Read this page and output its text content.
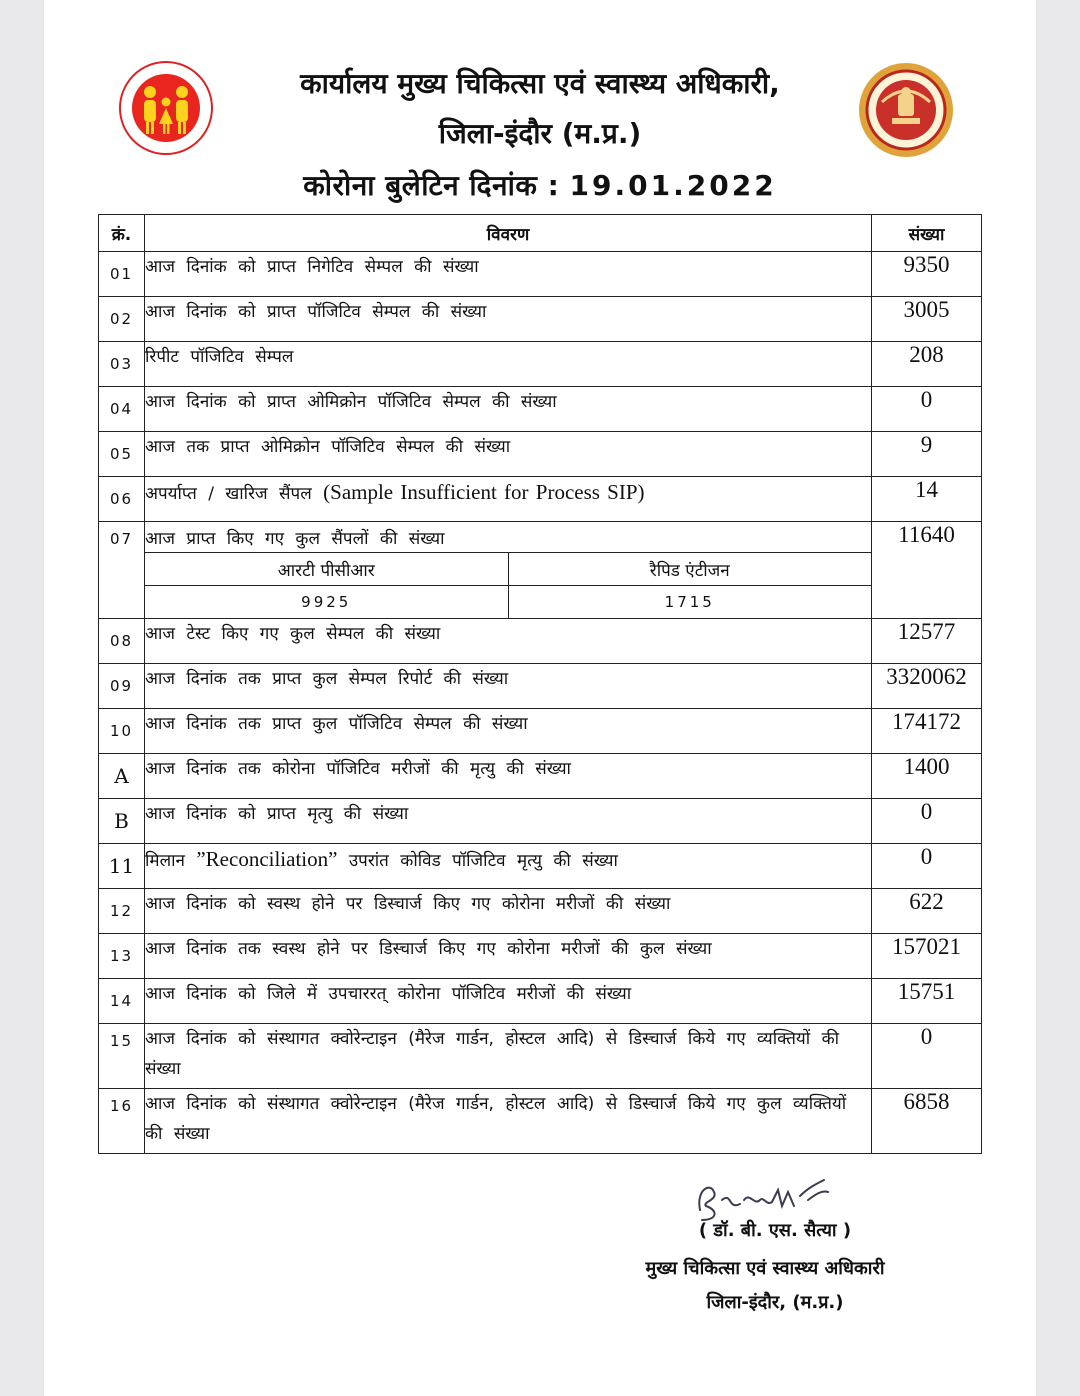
कार्यालय मुख्य चिकित्सा एवं स्वास्थ्य अधिकारी,
जिला-इंदौर (म.प्र.)
कोरोना बुलेटिन दिनांक : 19.01.2022
क्रं.	विवरण	संख्या
01	आज दिनांक को प्राप्त निगेटिव सेम्पल की संख्या	9350
02	आज दिनांक को प्राप्त पॉजिटिव सेम्पल की संख्या	3005
03	रिपीट पॉजिटिव सेम्पल	208
04	आज दिनांक को प्राप्त ओमिक्रोन पॉजिटिव सेम्पल की संख्या	0
05	आज तक प्राप्त ओमिक्रोन पॉजिटिव सेम्पल की संख्या	9
06	अपर्याप्त / खारिज सैंपल (Sample Insufficient for Process SIP)	14
07	आज प्राप्त किए गए कुल सैंपलों की संख्या
आरटी पीसीआर	रैपिड एंटीजन
9925	1715
	11640
08	आज टेस्ट किए गए कुल सेम्पल की संख्या	12577
09	आज दिनांक तक प्राप्त कुल सेम्पल रिपोर्ट की संख्या	3320062
10	आज दिनांक तक प्राप्त कुल पॉजिटिव सेम्पल की संख्या	174172
A	आज दिनांक तक कोरोना पॉजिटिव मरीजों की मृत्यु की संख्या	1400
B	आज दिनांक को प्राप्त मृत्यु की संख्या	0
11	मिलान ”Reconciliation” उपरांत कोविड पॉजिटिव मृत्यु की संख्या	0
12	आज दिनांक को स्वस्थ होने पर डिस्चार्ज किए गए कोरोना मरीजों की संख्या	622
13	आज दिनांक तक स्वस्थ होने पर डिस्चार्ज किए गए कोरोना मरीजों की कुल संख्या	157021
14	आज दिनांक को जिले में उपचाररत् कोरोना पॉजिटिव मरीजों की संख्या	15751
15	आज दिनांक को संस्थागत क्वोरेन्टाइन (मैरेज गार्डन, होस्टल आदि) से डिस्चार्ज किये गए व्यक्तियों की संख्या	0
16	आज दिनांक को संस्थागत क्वोरेन्टाइन (मैरेज गार्डन, होस्टल आदि) से डिस्चार्ज किये गए कुल व्यक्तियों की संख्या	6858
( डॉ. बी. एस. सैत्या )
मुख्य चिकित्सा एवं स्वास्थ्य अधिकारी
जिला-इंदौर, (म.प्र.)
